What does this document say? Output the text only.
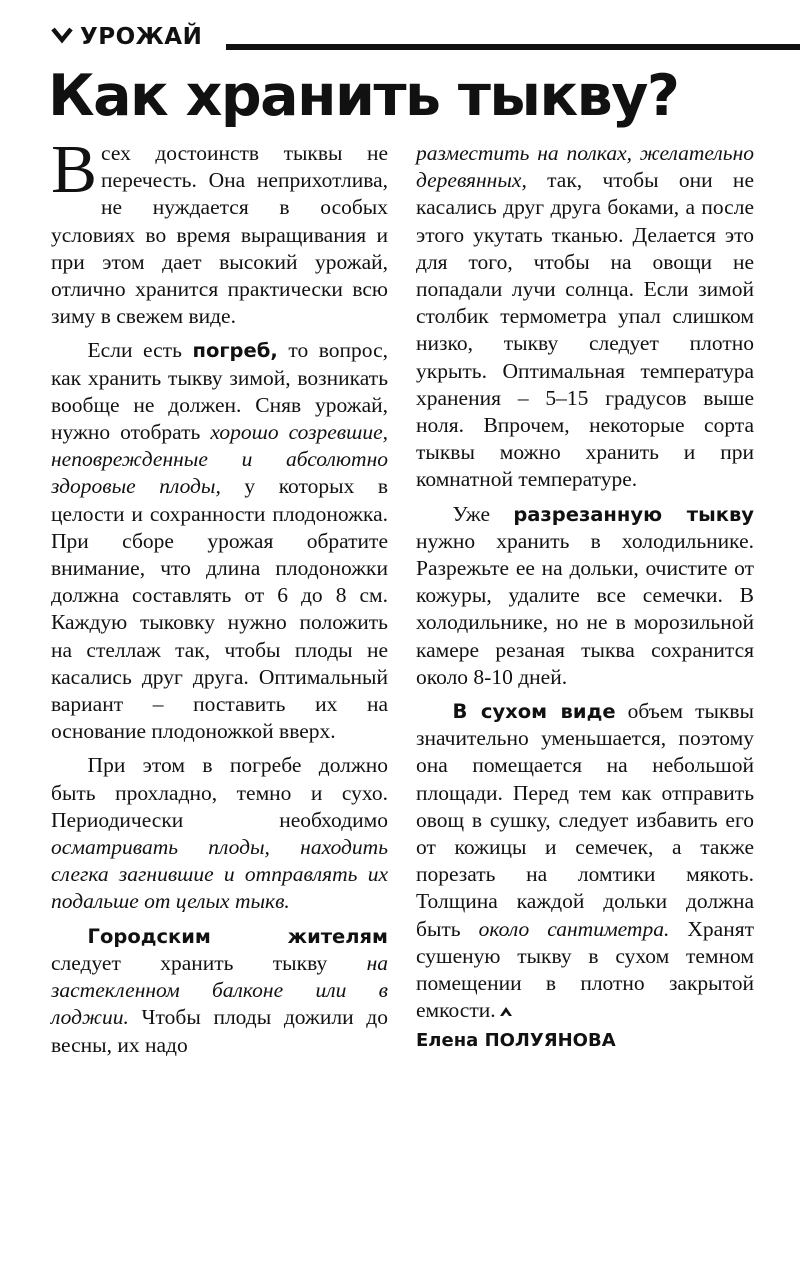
УРОЖАЙ
Как хранить тыкву?

Всех достоинств тыквы не перечесть. Она неприхотлива, не нуждается в особых условиях во время выращивания и при этом дает высокий урожай, отлично хранится практически всю зиму в свежем виде.

Если есть погреб, то вопрос, как хранить тыкву зимой, возникать вообще не должен. Сняв урожай, нужно отобрать хорошо созревшие, неповрежденные и абсолютно здоровые плоды, у которых в целости и сохранности плодоножка. При сборе урожая обратите внимание, что длина плодоножки должна составлять от 6 до 8 см. Каждую тыковку нужно положить на стеллаж так, чтобы плоды не касались друг друга. Оптимальный вариант – поставить их на основание плодоножкой вверх.

При этом в погребе должно быть прохладно, темно и сухо. Периодически необходимо осматривать плоды, находить слегка загнившие и отправлять их подальше от целых тыкв.

Городским жителям следует хранить тыкву на застекленном балконе или в лоджии. Чтобы плоды дожили до весны, их надо

разместить на полках, желательно деревянных, так, чтобы они не касались друг друга боками, а после этого укутать тканью. Делается это для того, чтобы на овощи не попадали лучи солнца. Если зимой столбик термометра упал слишком низко, тыкву следует плотно укрыть. Оптимальная температура хранения – 5–15 градусов выше ноля. Впрочем, некоторые сорта тыквы можно хранить и при комнатной температуре.

Уже разрезанную тыкву нужно хранить в холодильнике. Разрежьте ее на дольки, очистите от кожуры, удалите все семечки. В холодильнике, но не в морозильной камере резаная тыква сохранится около 8-10 дней.

В сухом виде объем тыквы значительно уменьшается, поэтому она помещается на небольшой площади. Перед тем как отправить овощ в сушку, следует избавить его от кожицы и семечек, а также порезать на ломтики мякоть. Толщина каждой дольки должна быть около сантиметра. Хранят сушеную тыкву в сухом темном помещении в плотно закрытой емкости.

Елена ПОЛУЯНОВА
